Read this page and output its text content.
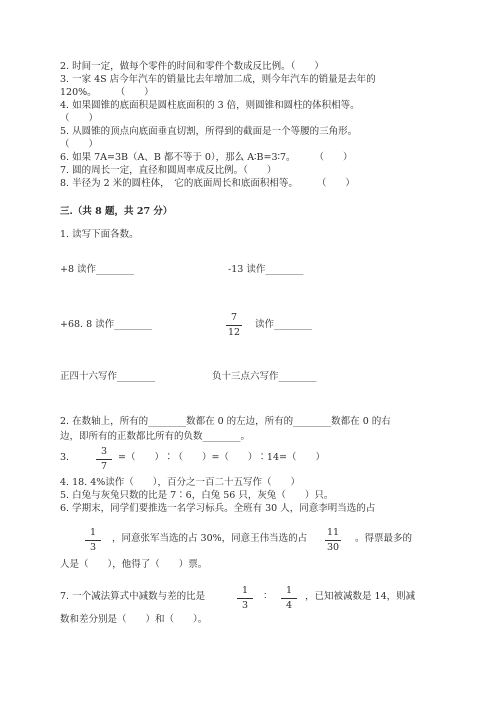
2. 时间一定，做每个零件的时间和零件个数成反比例。（　　）
3. 一家 4S 店今年汽车的销量比去年增加二成，则今年汽车的销量是去年的
120%。　　　（　　）
4. 如果圆锥的底面积是圆柱底面积的 3 倍，则圆锥和圆柱的体积相等。
（　　）
5. 从圆锥的顶点向底面垂直切割，所得到的截面是一个等腰的三角形。
（　　）
6. 如果 7A=3B（A、B 都不等于 0），那么 A∶B=3∶7。　　　（　　）
7. 圆的周长一定，直径和圆周率成反比例。（　　）
8. 半径为 2 米的圆柱体，　它的底面周长和底面积相等。　　　（　　）
三.（共 8 题，共 27 分）
1. 读写下面各数。
+8 读作________	-13 读作________
+68. 8 读作________
7
12
读作________
正四十六写作________	负十三点六写作________
2. 在数轴上，所有的________数都在 0 的左边，所有的________数都在 0 的右
边，即所有的正数都比所有的负数________。
3.
3
7
=（　　）∶（　　）=（　　）∶14=（　　）
4. 18. 4%读作（　　），百分之一百二十五写作（　　）
5. 白兔与灰兔只数的比是 7∶6，白兔 56 只，灰兔（　　）只。
6. 学期末，同学们要推选一名学习标兵。全班有 30 人，同意李明当选的占
1
3
，同意张军当选的占 30%，同意王伟当选的占
11
30
。得票最多的
人是（　　），他得了（　　）票。
7. 一个减法算式中减数与差的比是
1
3
∶
1
4
，已知被减数是 14，则减
数和差分别是（　　）和（　　）。
